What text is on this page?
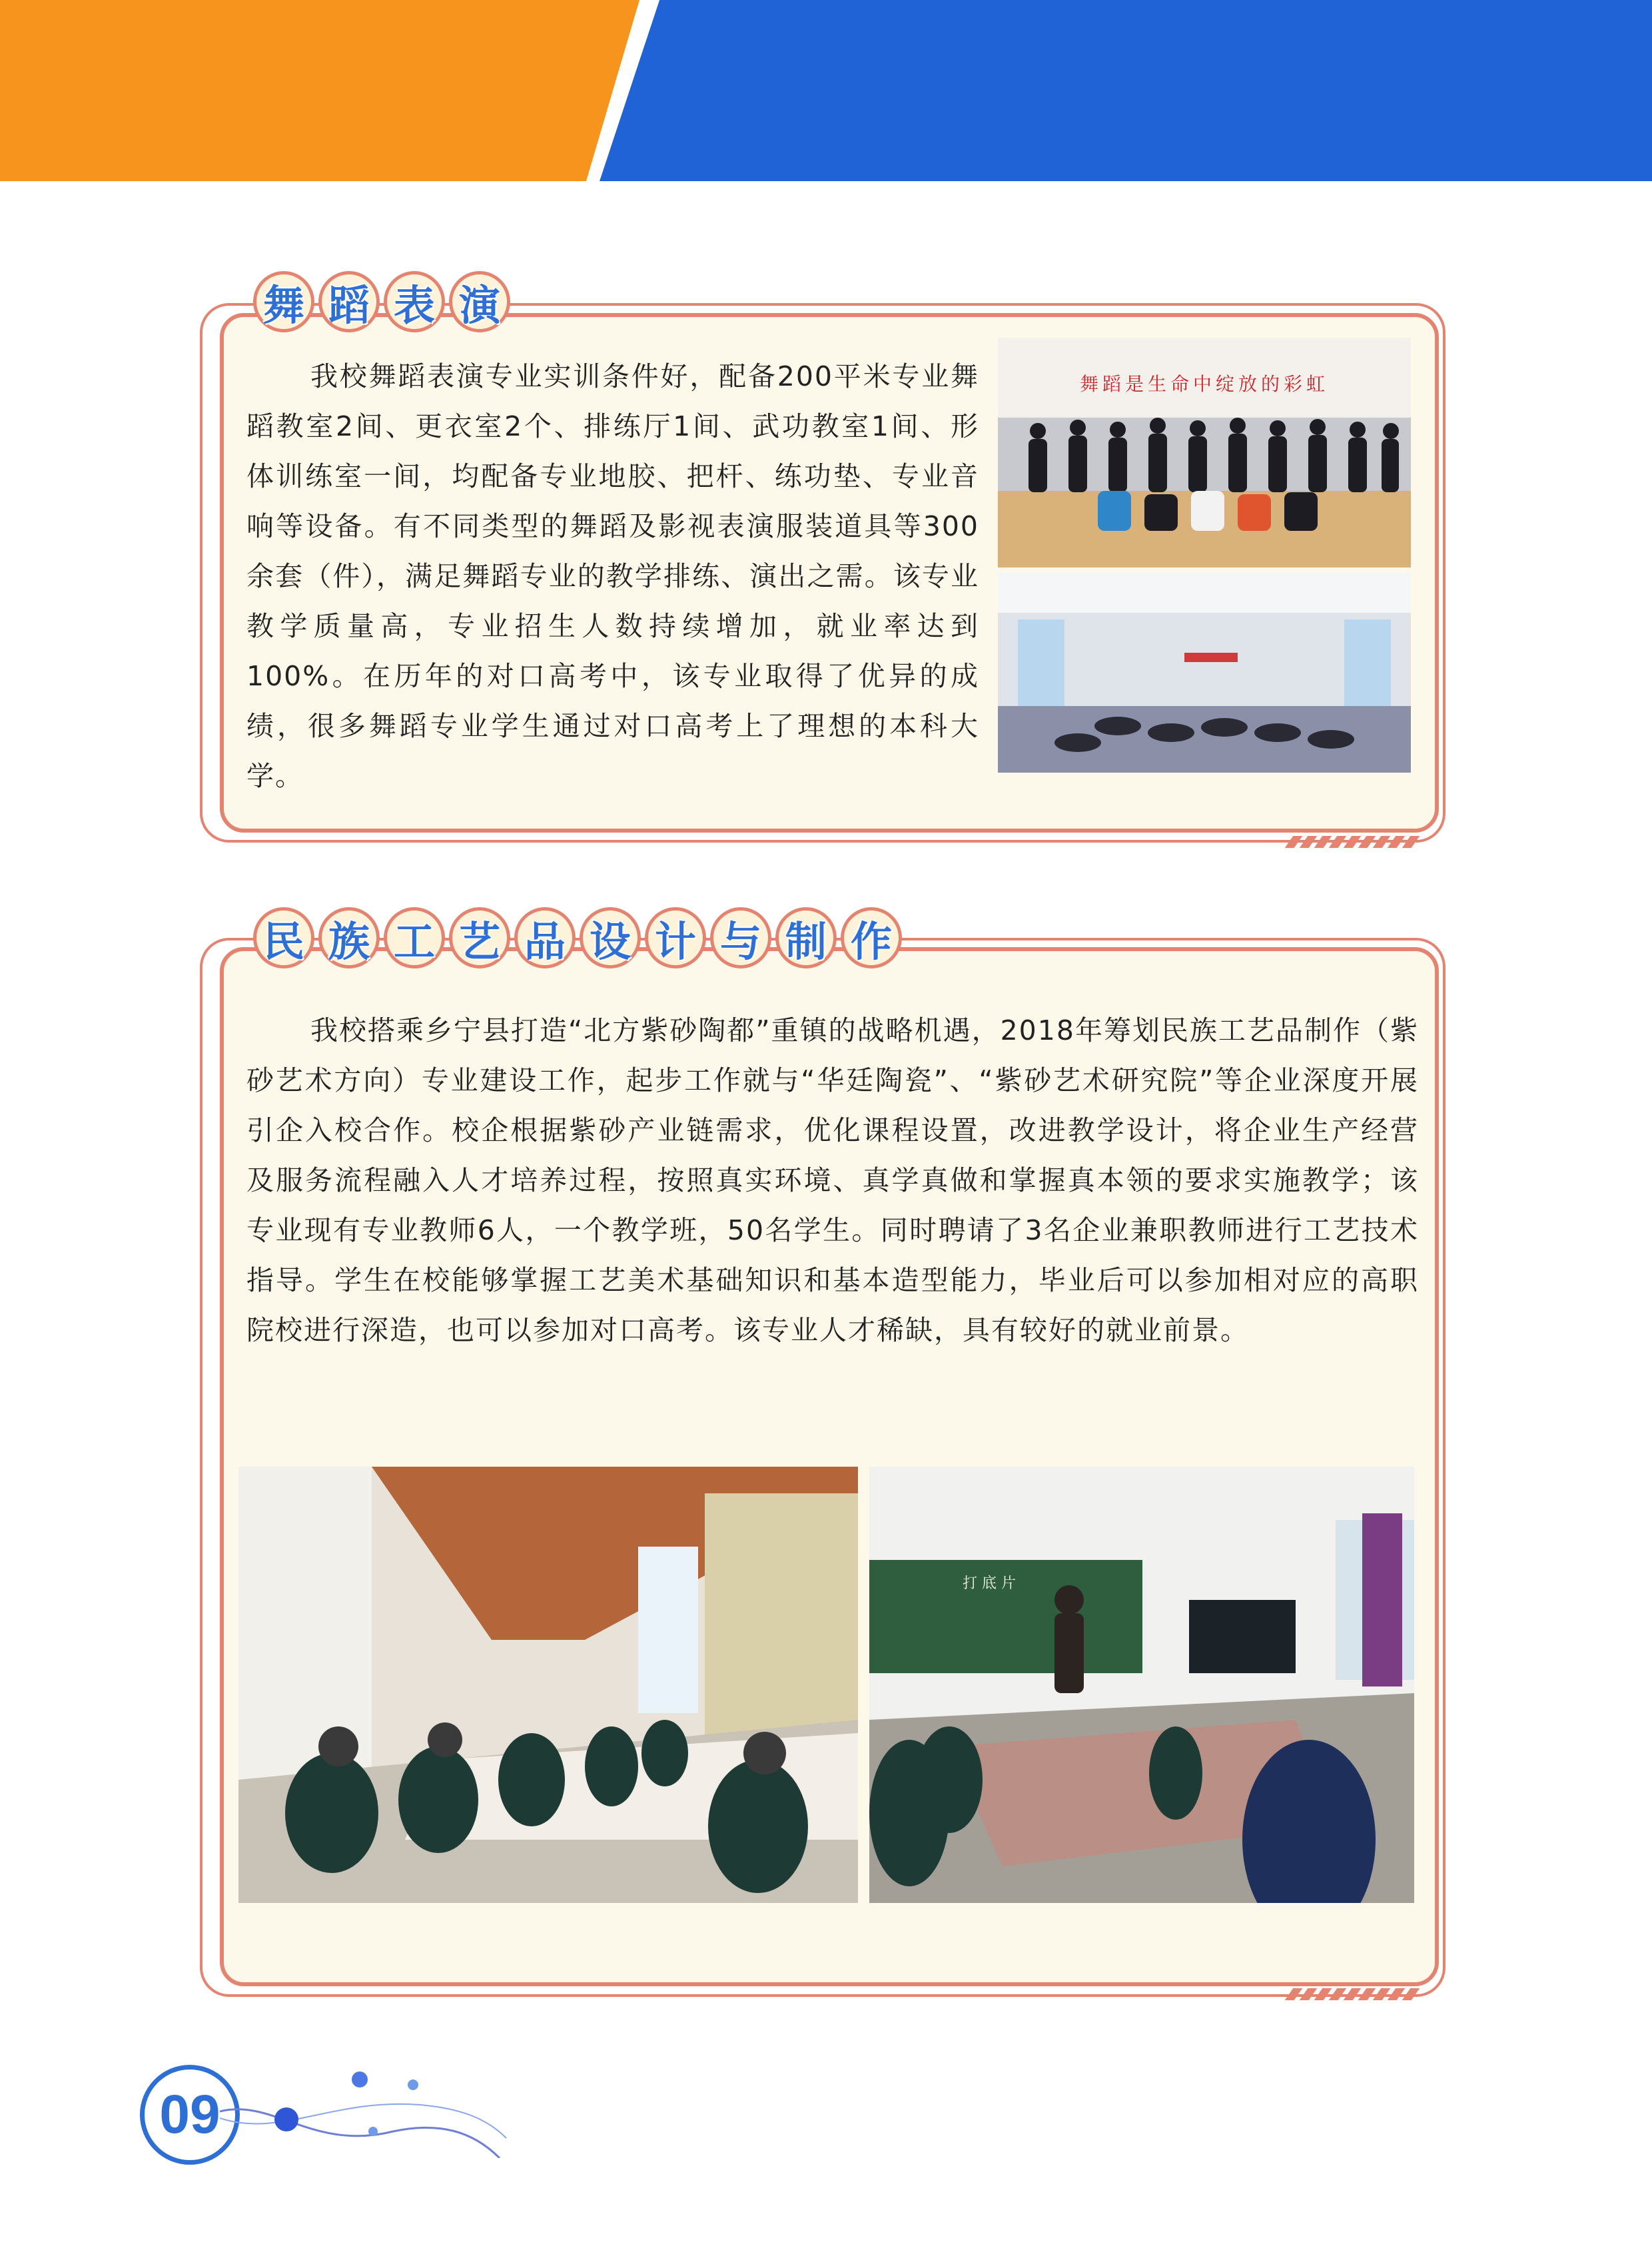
舞 蹈 表 演
我校舞蹈表演专业实训条件好，配备200平米专业舞蹈教室2间、更衣室2个、排练厅1间、武功教室1间、形体训练室一间，均配备专业地胶、把杆、练功垫、专业音响等设备。有不同类型的舞蹈及影视表演服装道具等300余套（件），满足舞蹈专业的教学排练、演出之需。该专业教学质量高，专业招生人数持续增加，就业率达到100%。在历年的对口高考中，该专业取得了优异的成绩，很多舞蹈专业学生通过对口高考上了理想的本科大学。
舞蹈是生命中绽放的彩虹
民 族 工 艺 品 设 计 与 制 作
我校搭乘乡宁县打造“北方紫砂陶都”重镇的战略机遇，2018年筹划民族工艺品制作（紫砂艺术方向）专业建设工作，起步工作就与“华廷陶瓷”、“紫砂艺术研究院”等企业深度开展引企入校合作。校企根据紫砂产业链需求，优化课程设置，改进教学设计，将企业生产经营及服务流程融入人才培养过程，按照真实环境、真学真做和掌握真本领的要求实施教学；该专业现有专业教师6人，一个教学班，50名学生。同时聘请了3名企业兼职教师进行工艺技术指导。学生在校能够掌握工艺美术基础知识和基本造型能力，毕业后可以参加相对应的高职院校进行深造，也可以参加对口高考。该专业人才稀缺，具有较好的就业前景。
打 底 片
09
